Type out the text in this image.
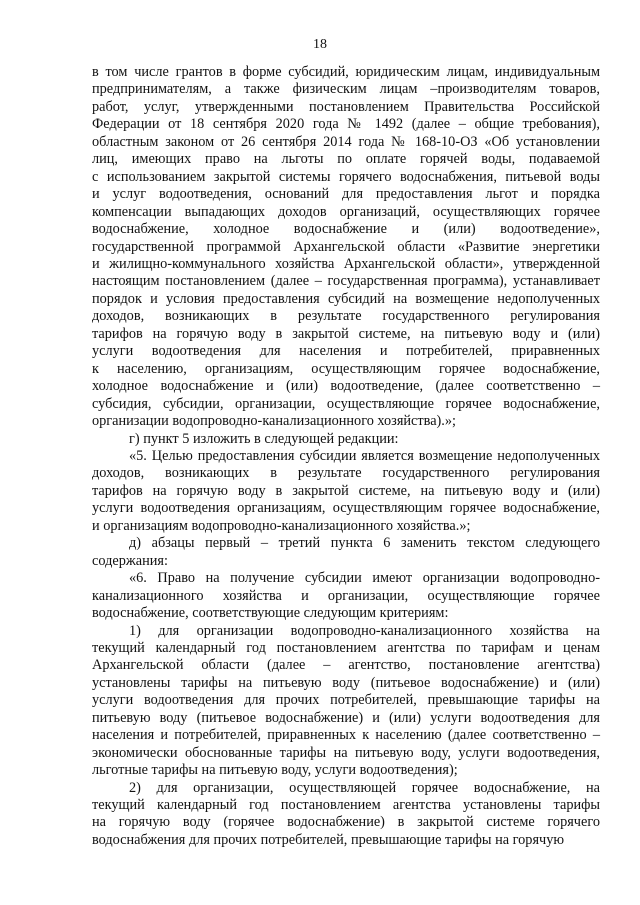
18

в том числе грантов в форме субсидий, юридическим лицам, индивидуальным

предпринимателям, а также физическим лицам –производителям товаров,

работ, услуг, утвержденными постановлением Правительства Российской

Федерации от 18 сентября 2020 года № 1492 (далее – общие требования),

областным законом от 26 сентября 2014 года № 168-10-ОЗ «Об установлении

лиц, имеющих право на льготы по оплате горячей воды, подаваемой

с использованием закрытой системы горячего водоснабжения, питьевой воды

и услуг водоотведения, оснований для предоставления льгот и порядка

компенсации выпадающих доходов организаций, осуществляющих горячее

водоснабжение, холодное водоснабжение и (или) водоотведение»,

государственной программой Архангельской области «Развитие энергетики

и жилищно-коммунального хозяйства Архангельской области», утвержденной

настоящим постановлением (далее – государственная программа), устанавливает

порядок и условия предоставления субсидий на возмещение недополученных

доходов, возникающих в результате государственного регулирования

тарифов на горячую воду в закрытой системе, на питьевую воду и (или)

услуги водоотведения для населения и потребителей, приравненных

к населению, организациям, осуществляющим горячее водоснабжение,

холодное водоснабжение и (или) водоотведение, (далее соответственно –

субсидия, субсидии, организации, осуществляющие горячее водоснабжение,

организации водопроводно-канализационного хозяйства).»;

г) пункт 5 изложить в следующей редакции:

«5. Целью предоставления субсидии является возмещение недополученных

доходов, возникающих в результате государственного регулирования

тарифов на горячую воду в закрытой системе, на питьевую воду и (или)

услуги водоотведения организациям, осуществляющим горячее водоснабжение,

и организациям водопроводно-канализационного хозяйства.»;

д) абзацы первый – третий пункта 6 заменить текстом следующего

содержания:

«6. Право на получение субсидии имеют организации водопроводно-

канализационного хозяйства и организации, осуществляющие горячее

водоснабжение, соответствующие следующим критериям:

1) для организации водопроводно-канализационного хозяйства на

текущий календарный год постановлением агентства по тарифам и ценам

Архангельской области (далее – агентство, постановление агентства)

установлены тарифы на питьевую воду (питьевое водоснабжение) и (или)

услуги водоотведения для прочих потребителей, превышающие тарифы на

питьевую воду (питьевое водоснабжение) и (или) услуги водоотведения для

населения и потребителей, приравненных к населению (далее соответственно –

экономически обоснованные тарифы на питьевую воду, услуги водоотведения,

льготные тарифы на питьевую воду, услуги водоотведения);

2) для организации, осуществляющей горячее водоснабжение, на

текущий календарный год постановлением агентства установлены тарифы

на горячую воду (горячее водоснабжение) в закрытой системе горячего

водоснабжения для прочих потребителей, превышающие тарифы на горячую
